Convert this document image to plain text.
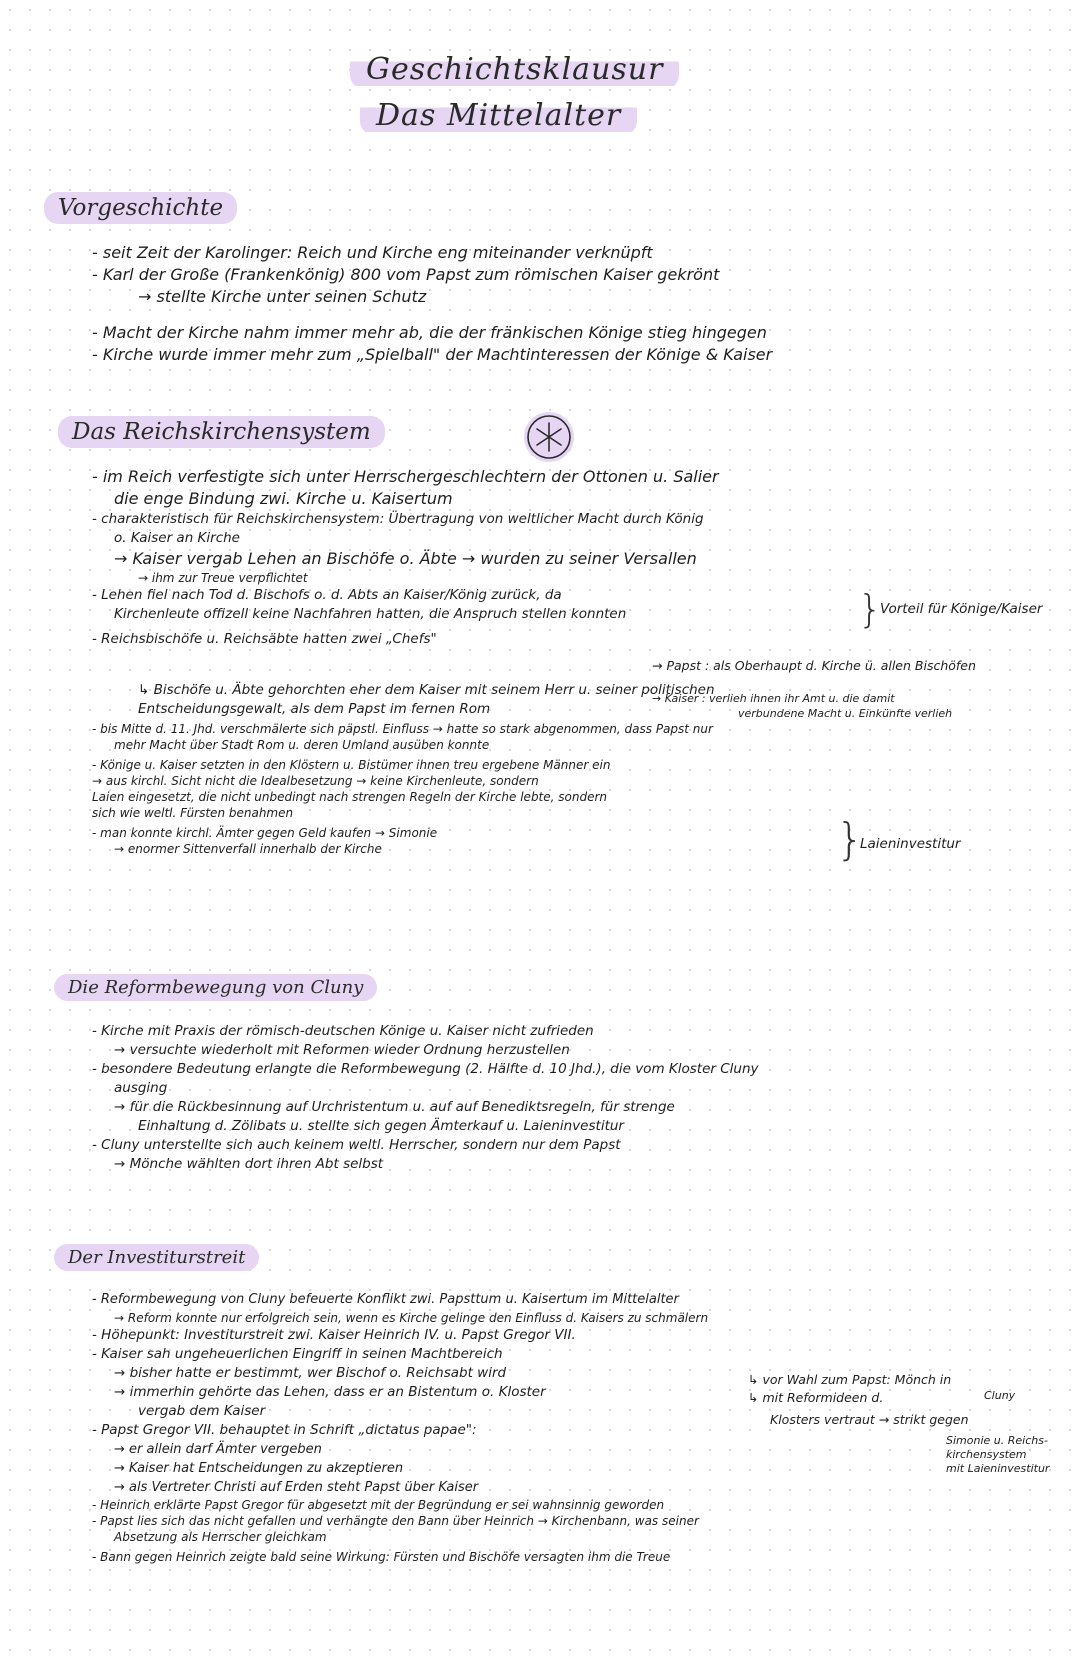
Geschichtsklausur
Das Mittelalter
Vorgeschichte
- seit Zeit der Karolinger: Reich und Kirche eng miteinander verknüpft
- Karl der Große (Frankenkönig) 800 vom Papst zum römischen Kaiser gekrönt
→ stellte Kirche unter seinen Schutz
- Macht der Kirche nahm immer mehr ab, die der fränkischen Könige stieg hingegen
- Kirche wurde immer mehr zum „Spielball" der Machtinteressen der Könige & Kaiser
Das Reichskirchensystem
- im Reich verfestigte sich unter Herrschergeschlechtern der Ottonen u. Salier
die enge Bindung zwi. Kirche u. Kaisertum
- charakteristisch für Reichskirchensystem: Übertragung von weltlicher Macht durch König
o. Kaiser an Kirche
→ Kaiser vergab Lehen an Bischöfe o. Äbte → wurden zu seiner Versallen
→ ihm zur Treue verpflichtet
- Lehen fiel nach Tod d. Bischofs o. d. Abts an Kaiser/König zurück, da
Kirchenleute offizell keine Nachfahren hatten, die Anspruch stellen konnten
- Reichsbischöfe u. Reichsäbte hatten zwei „Chefs"
↳ Bischöfe u. Äbte gehorchten eher dem Kaiser mit seinem Herr u. seiner politischen
Entscheidungsgewalt, als dem Papst im fernen Rom
- bis Mitte d. 11. Jhd. verschmälerte sich päpstl. Einfluss → hatte so stark abgenommen, dass Papst nur
mehr Macht über Stadt Rom u. deren Umland ausüben konnte
- Könige u. Kaiser setzten in den Klöstern u. Bistümer ihnen treu ergebene Männer ein
→ aus kirchl. Sicht nicht die Idealbesetzung → keine Kirchenleute, sondern
Laien eingesetzt, die nicht unbedingt nach strengen Regeln der Kirche lebte, sondern
sich wie weltl. Fürsten benahmen
- man konnte kirchl. Ämter gegen Geld kaufen → Simonie
→ enormer Sittenverfall innerhalb der Kirche
}
Vorteil für Könige/Kaiser
→ Papst : als Oberhaupt d. Kirche ü. allen Bischöfen
→ Kaiser : verlieh ihnen ihr Amt u. die damit
verbundene Macht u. Einkünfte verlieh
}
Laieninvestitur
Die Reformbewegung von Cluny
- Kirche mit Praxis der römisch-deutschen Könige u. Kaiser nicht zufrieden
→ versuchte wiederholt mit Reformen wieder Ordnung herzustellen
- besondere Bedeutung erlangte die Reformbewegung (2. Hälfte d. 10 Jhd.), die vom Kloster Cluny
ausging
→ für die Rückbesinnung auf Urchristentum u. auf auf Benediktsregeln, für strenge
Einhaltung d. Zölibats u. stellte sich gegen Ämterkauf u. Laieninvestitur
- Cluny unterstellte sich auch keinem weltl. Herrscher, sondern nur dem Papst
→ Mönche wählten dort ihren Abt selbst
Der Investiturstreit
- Reformbewegung von Cluny befeuerte Konflikt zwi. Papsttum u. Kaisertum im Mittelalter
→ Reform konnte nur erfolgreich sein, wenn es Kirche gelinge den Einfluss d. Kaisers zu schmälern
- Höhepunkt: Investiturstreit zwi. Kaiser Heinrich IV. u. Papst Gregor VII.
- Kaiser sah ungeheuerlichen Eingriff in seinen Machtbereich
→ bisher hatte er bestimmt, wer Bischof o. Reichsabt wird
→ immerhin gehörte das Lehen, dass er an Bistentum o. Kloster
vergab dem Kaiser
- Papst Gregor VII. behauptet in Schrift „dictatus papae":
→ er allein darf Ämter vergeben
→ Kaiser hat Entscheidungen zu akzeptieren
→ als Vertreter Christi auf Erden steht Papst über Kaiser
- Heinrich erklärte Papst Gregor für abgesetzt mit der Begründung er sei wahnsinnig geworden
- Papst lies sich das nicht gefallen und verhängte den Bann über Heinrich → Kirchenbann, was seiner
Absetzung als Herrscher gleichkam
- Bann gegen Heinrich zeigte bald seine Wirkung: Fürsten und Bischöfe versagten ihm die Treue
↳ vor Wahl zum Papst: Mönch in
Cluny
↳ mit Reformideen d.
Klosters vertraut → strikt gegen
Simonie u. Reichs-
kirchensystem
mit Laieninvestitur
